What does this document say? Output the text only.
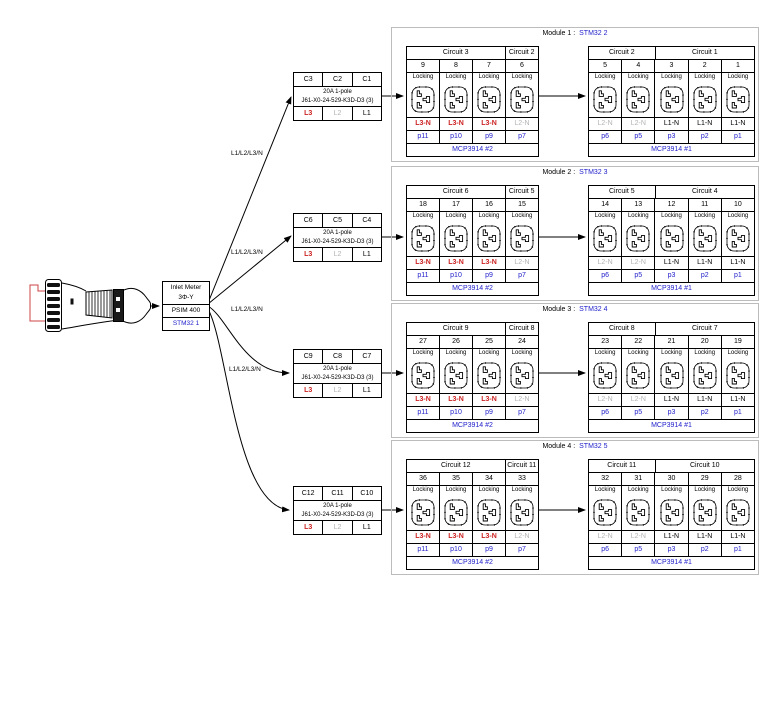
L1/L2/L3/N
L1/L2/L3/N
L1/L2/L3/N
L1/L2/L3/N
Inlet Meter
3Φ-Y
PSIM 400
STM32 1
C3	C2	C1
20A 1-pole
J61-X0-24-529-K3D-D3 (3)
L3	L2	L1
C6	C5	C4
20A 1-pole
J61-X0-24-529-K3D-D3 (3)
L3	L2	L1
C9	C8	C7
20A 1-pole
J61-X0-24-529-K3D-D3 (3)
L3	L2	L1
C12	C11	C10
20A 1-pole
J61-X0-24-529-K3D-D3 (3)
L3	L2	L1
Module 1 : STM32 2
Circuit 3	Circuit 2
9	8	7	6
Locking Locking Locking Locking
L3-N	L3-N	L3-N	L2-N
p11	p10	p9	p7
MCP3914 #2
Circuit 2	Circuit 1
5	4	3	2	1
Locking Locking Locking Locking Locking
L2-N	L2-N	L1-N	L1-N	L1-N
p6	p5	p3	p2	p1
MCP3914 #1
Module 2 : STM32 3
Circuit 6	Circuit 5
18	17	16	15
Locking Locking Locking Locking
L3-N	L3-N	L3-N	L2-N
p11	p10	p9	p7
MCP3914 #2
Circuit 5	Circuit 4
14	13	12	11	10
Locking Locking Locking Locking Locking
L2-N	L2-N	L1-N	L1-N	L1-N
p6	p5	p3	p2	p1
MCP3914 #1
Module 3 : STM32 4
Circuit 9	Circuit 8
27	26	25	24
Locking Locking Locking Locking
L3-N	L3-N	L3-N	L2-N
p11	p10	p9	p7
MCP3914 #2
Circuit 8	Circuit 7
23	22	21	20	19
Locking Locking Locking Locking Locking
L2-N	L2-N	L1-N	L1-N	L1-N
p6	p5	p3	p2	p1
MCP3914 #1
Module 4 : STM32 5
Circuit 12	Circuit 11
36	35	34	33
Locking Locking Locking Locking
L3-N	L3-N	L3-N	L2-N
p11	p10	p9	p7
MCP3914 #2
Circuit 11	Circuit 10
32	31	30	29	28
Locking Locking Locking Locking Locking
L2-N	L2-N	L1-N	L1-N	L1-N
p6	p5	p3	p2	p1
MCP3914 #1
